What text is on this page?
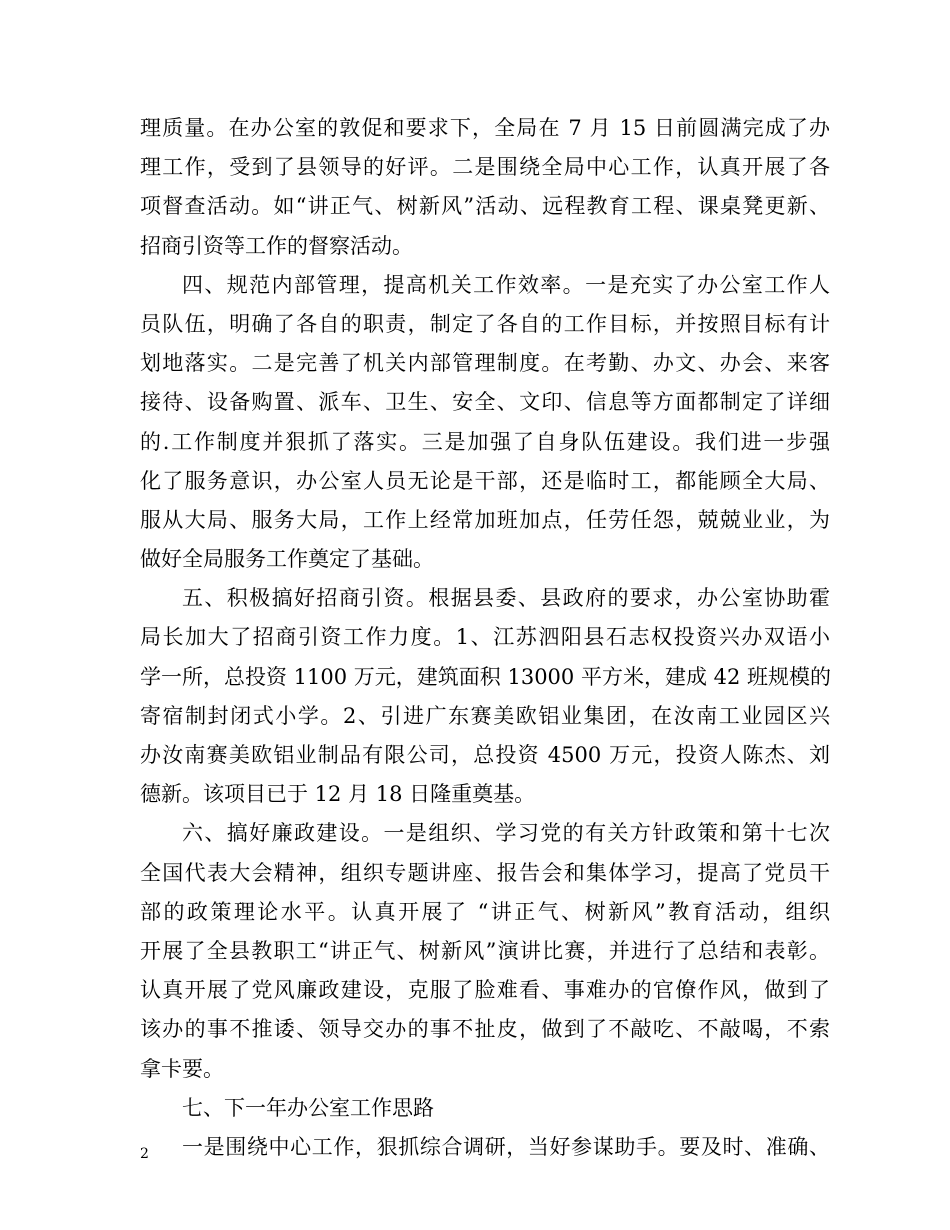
理质量。在办公室的敦促和要求下，全局在 7 月 15 日前圆满完成了办
理工作，受到了县领导的好评。二是围绕全局中心工作，认真开展了各
项督查活动。如“讲正气、树新风”活动、远程教育工程、课桌凳更新、
招商引资等工作的督察活动。
四、规范内部管理，提高机关工作效率。一是充实了办公室工作人
员队伍，明确了各自的职责，制定了各自的工作目标，并按照目标有计
划地落实。二是完善了机关内部管理制度。在考勤、办文、办会、来客
接待、设备购置、派车、卫生、安全、文印、信息等方面都制定了详细
的.工作制度并狠抓了落实。三是加强了自身队伍建设。我们进一步强
化了服务意识，办公室人员无论是干部，还是临时工，都能顾全大局、
服从大局、服务大局，工作上经常加班加点，任劳任怨，兢兢业业，为
做好全局服务工作奠定了基础。
五、积极搞好招商引资。根据县委、县政府的要求，办公室协助霍
局长加大了招商引资工作力度。1、江苏泗阳县石志权投资兴办双语小
学一所，总投资 1100 万元，建筑面积 13000 平方米，建成 42 班规模的
寄宿制封闭式小学。2、引进广东赛美欧铝业集团，在汝南工业园区兴
办汝南赛美欧铝业制品有限公司，总投资 4500 万元，投资人陈杰、刘
德新。该项目已于 12 月 18 日隆重奠基。
六、搞好廉政建设。一是组织、学习党的有关方针政策和第十七次
全国代表大会精神，组织专题讲座、报告会和集体学习，提高了党员干
部的政策理论水平。认真开展了 “讲正气、树新风”教育活动，组织
开展了全县教职工“讲正气、树新风”演讲比赛，并进行了总结和表彰。
认真开展了党风廉政建设，克服了脸难看、事难办的官僚作风，做到了
该办的事不推诿、领导交办的事不扯皮，做到了不敲吃、不敲喝，不索
拿卡要。
七、下一年办公室工作思路
一是围绕中心工作，狠抓综合调研，当好参谋助手。要及时、准确、
2
